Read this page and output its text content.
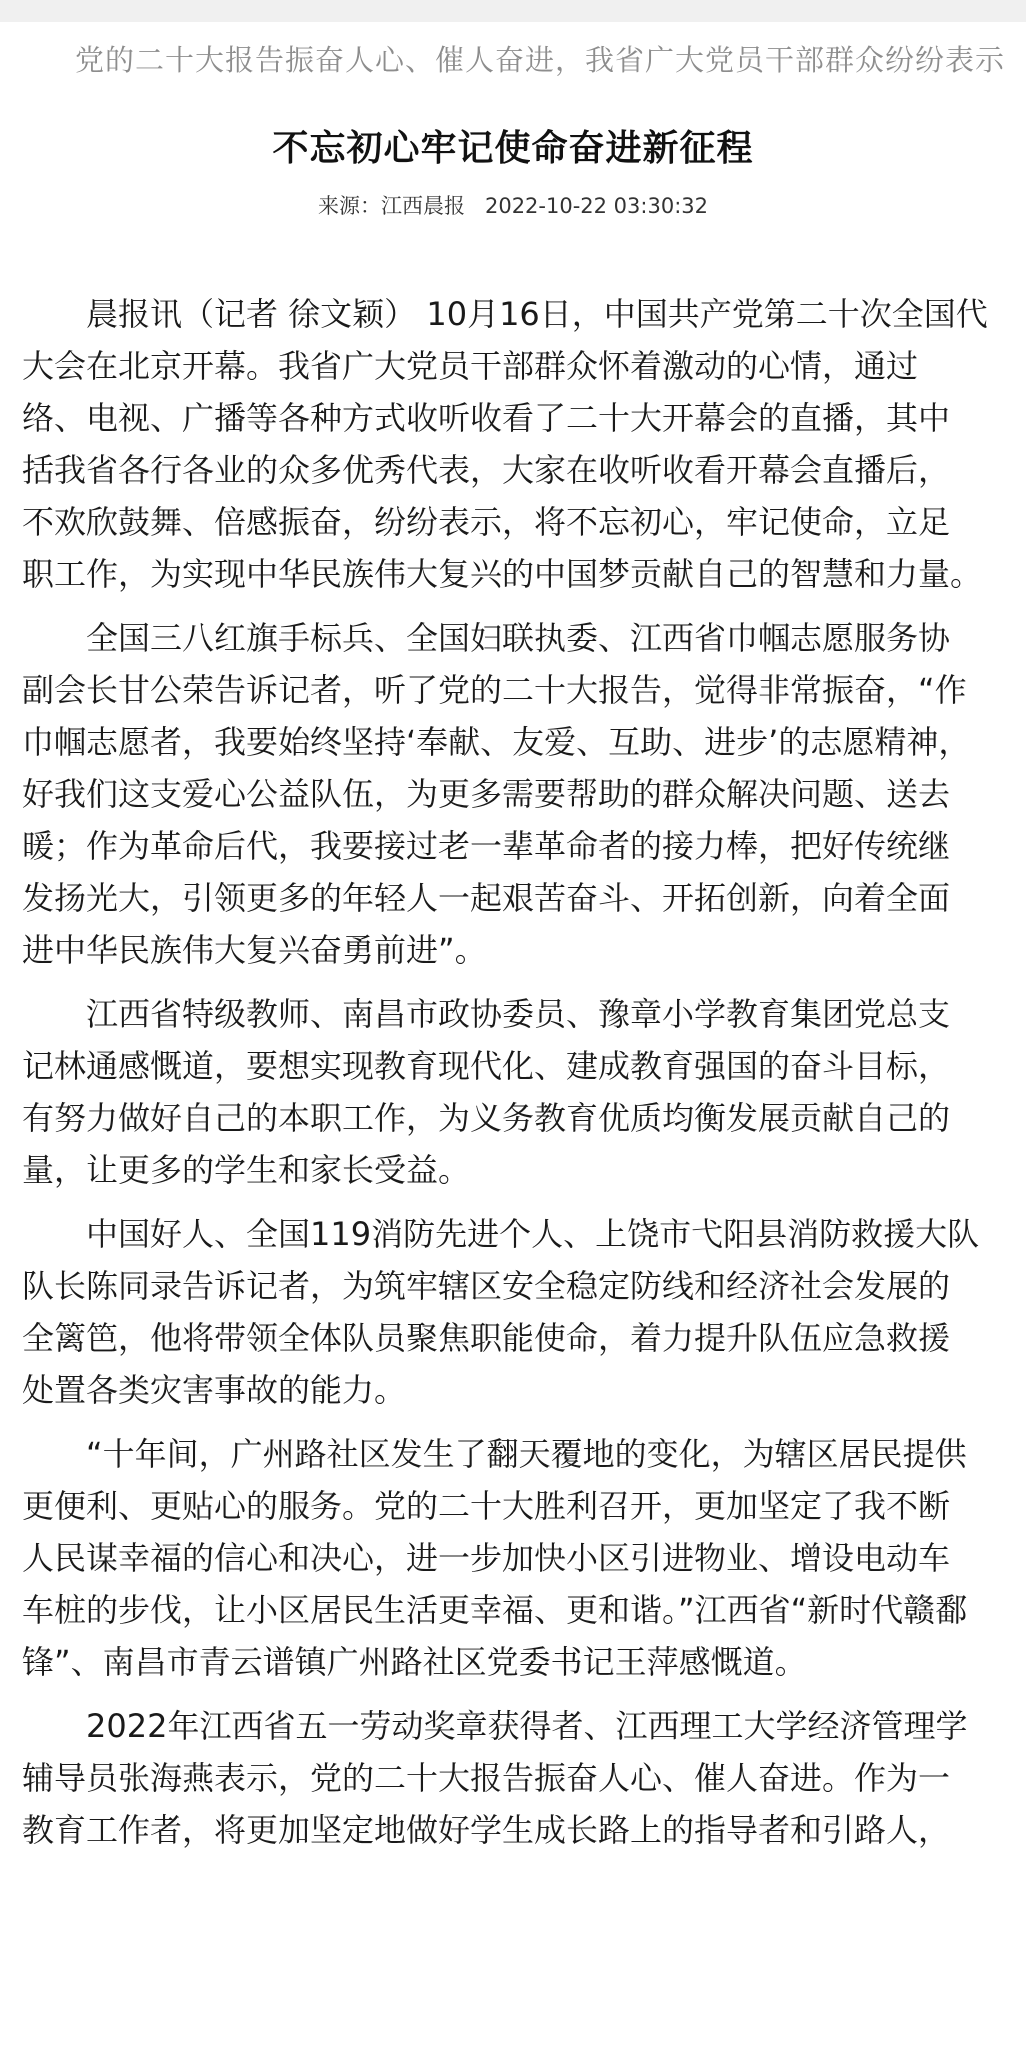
党的二十大报告振奋人心、催人奋进，我省广大党员干部群众纷纷表示
不忘初心牢记使命奋进新征程
来源：江西晨报 2022-10-22 03:30:32
晨报讯（记者 徐文颖） 10月16日，中国共产党第二十次全国代
大会在北京开幕。我省广大党员干部群众怀着激动的心情，通过
络、电视、广播等各种方式收听收看了二十大开幕会的直播，其中
括我省各行各业的众多优秀代表，大家在收听收看开幕会直播后，
不欢欣鼓舞、倍感振奋，纷纷表示，将不忘初心，牢记使命，立足
职工作，为实现中华民族伟大复兴的中国梦贡献自己的智慧和力量。
全国三八红旗手标兵、全国妇联执委、江西省巾帼志愿服务协
副会长甘公荣告诉记者，听了党的二十大报告，觉得非常振奋，“作
巾帼志愿者，我要始终坚持‘奉献、友爱、互助、进步’的志愿精神，
好我们这支爱心公益队伍，为更多需要帮助的群众解决问题、送去
暖；作为革命后代，我要接过老一辈革命者的接力棒，把好传统继
发扬光大，引领更多的年轻人一起艰苦奋斗、开拓创新，向着全面
进中华民族伟大复兴奋勇前进”。
江西省特级教师、南昌市政协委员、豫章小学教育集团党总支
记林通感慨道，要想实现教育现代化、建成教育强国的奋斗目标，
有努力做好自己的本职工作，为义务教育优质均衡发展贡献自己的
量，让更多的学生和家长受益。
中国好人、全国119消防先进个人、上饶市弋阳县消防救援大队
队长陈同录告诉记者，为筑牢辖区安全稳定防线和经济社会发展的
全篱笆，他将带领全体队员聚焦职能使命，着力提升队伍应急救援
处置各类灾害事故的能力。
“十年间，广州路社区发生了翻天覆地的变化，为辖区居民提供
更便利、更贴心的服务。党的二十大胜利召开，更加坚定了我不断
人民谋幸福的信心和决心，进一步加快小区引进物业、增设电动车
车桩的步伐，让小区居民生活更幸福、更和谐。”江西省“新时代赣鄱
锋”、南昌市青云谱镇广州路社区党委书记王萍感慨道。
2022年江西省五一劳动奖章获得者、江西理工大学经济管理学
辅导员张海燕表示，党的二十大报告振奋人心、催人奋进。作为一
教育工作者，将更加坚定地做好学生成长路上的指导者和引路人，
